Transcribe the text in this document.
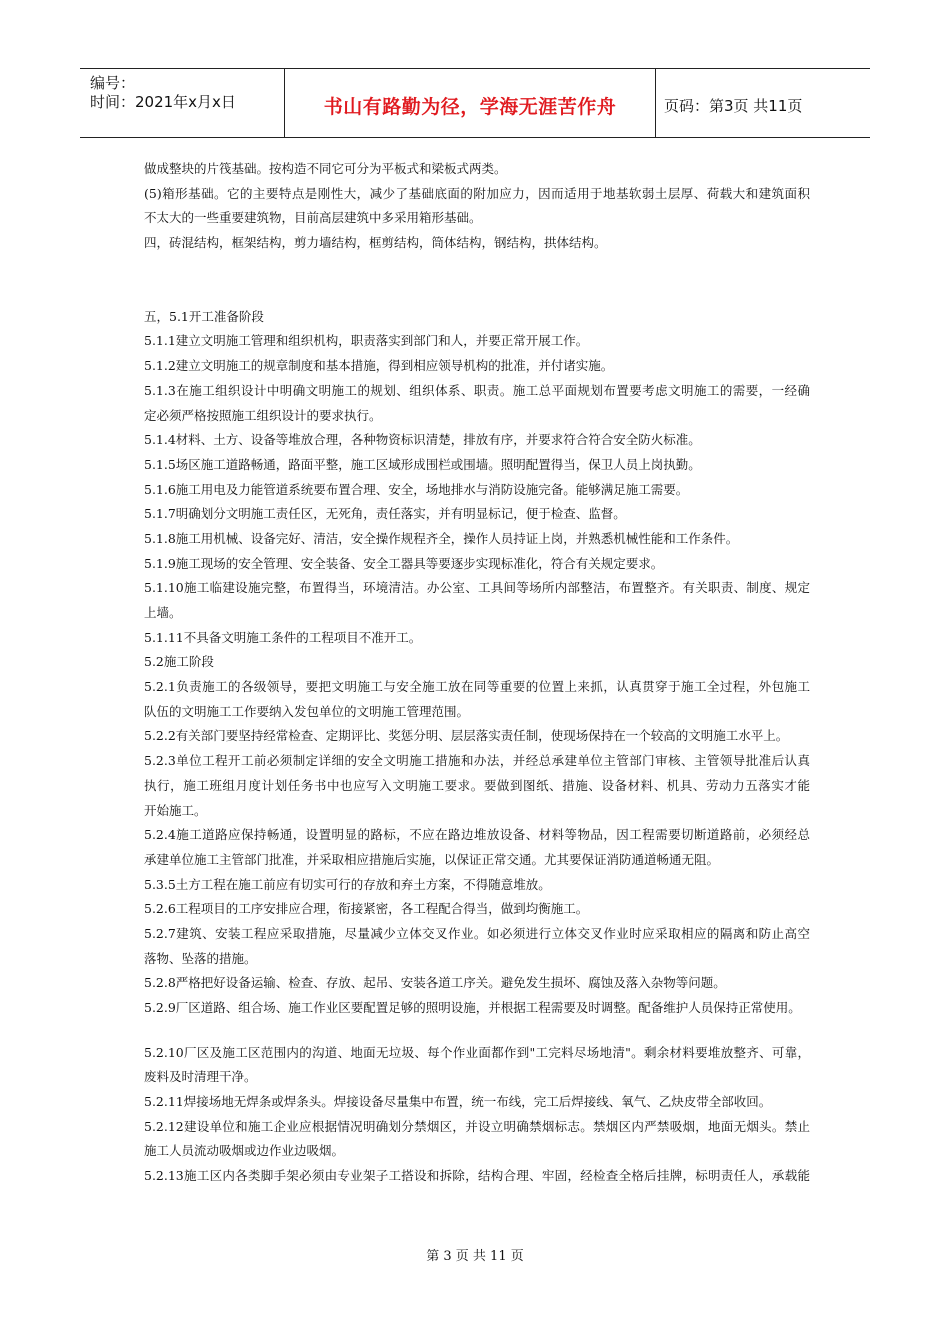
编号：
时间：2021年x月x日	书山有路勤为径，学海无涯苦作舟	页码：第3页 共11页
做成整块的片筏基础。按构造不同它可分为平板式和梁板式两类。
(5)箱形基础。它的主要特点是刚性大，减少了基础底面的附加应力，因而适用于地基软弱土层厚、荷载大和建筑面积
不太大的一些重要建筑物，目前高层建筑中多采用箱形基础。
四，砖混结构，框架结构，剪力墙结构，框剪结构，筒体结构，钢结构，拱体结构。
五，5.1开工准备阶段
5.1.1建立文明施工管理和组织机构，职责落实到部门和人，并要正常开展工作。
5.1.2建立文明施工的规章制度和基本措施，得到相应领导机构的批准，并付诸实施。
5.1.3在施工组织设计中明确文明施工的规划、组织体系、职责。施工总平面规划布置要考虑文明施工的需要，一经确
定必须严格按照施工组织设计的要求执行。
5.1.4材料、土方、设备等堆放合理，各种物资标识清楚，排放有序，并要求符合符合安全防火标准。
5.1.5场区施工道路畅通，路面平整，施工区域形成围栏或围墙。照明配置得当，保卫人员上岗执勤。
5.1.6施工用电及力能管道系统要布置合理、安全，场地排水与消防设施完备。能够满足施工需要。
5.1.7明确划分文明施工责任区，无死角，责任落实，并有明显标记，便于检查、监督。
5.1.8施工用机械、设备完好、清洁，安全操作规程齐全，操作人员持证上岗，并熟悉机械性能和工作条件。
5.1.9施工现场的安全管理、安全装备、安全工器具等要逐步实现标准化，符合有关规定要求。
5.1.10施工临建设施完整，布置得当，环境清洁。办公室、工具间等场所内部整洁，布置整齐。有关职责、制度、规定
上墙。
5.1.11不具备文明施工条件的工程项目不准开工。
5.2施工阶段
5.2.1负责施工的各级领导，要把文明施工与安全施工放在同等重要的位置上来抓，认真贯穿于施工全过程，外包施工
队伍的文明施工工作要纳入发包单位的文明施工管理范围。
5.2.2有关部门要坚持经常检查、定期评比、奖惩分明、层层落实责任制，使现场保持在一个较高的文明施工水平上。
5.2.3单位工程开工前必须制定详细的安全文明施工措施和办法，并经总承建单位主管部门审核、主管领导批准后认真
执行，施工班组月度计划任务书中也应写入文明施工要求。要做到图纸、措施、设备材料、机具、劳动力五落实才能
开始施工。
5.2.4施工道路应保持畅通，设置明显的路标，不应在路边堆放设备、材料等物品，因工程需要切断道路前，必须经总
承建单位施工主管部门批准，并采取相应措施后实施，以保证正常交通。尤其要保证消防通道畅通无阻。
5.3.5土方工程在施工前应有切实可行的存放和弃土方案，不得随意堆放。
5.2.6工程项目的工序安排应合理，衔接紧密，各工程配合得当，做到均衡施工。
5.2.7建筑、安装工程应采取措施，尽量减少立体交叉作业。如必须进行立体交叉作业时应采取相应的隔离和防止高空
落物、坠落的措施。
5.2.8严格把好设备运输、检查、存放、起吊、安装各道工序关。避免发生损坏、腐蚀及落入杂物等问题。
5.2.9厂区道路、组合场、施工作业区要配置足够的照明设施，并根据工程需要及时调整。配备维护人员保持正常使用。
5.2.10厂区及施工区范围内的沟道、地面无垃圾、每个作业面都作到"工完料尽场地清"。剩余材料要堆放整齐、可靠，
废料及时清理干净。
5.2.11焊接场地无焊条或焊条头。焊接设备尽量集中布置，统一布线，完工后焊接线、氧气、乙炔皮带全部收回。
5.2.12建设单位和施工企业应根据情况明确划分禁烟区，并设立明确禁烟标志。禁烟区内严禁吸烟，地面无烟头。禁止
施工人员流动吸烟或边作业边吸烟。
5.2.13施工区内各类脚手架必须由专业架子工搭设和拆除，结构合理、牢固，经检查全格后挂牌，标明责任人，承载能
第 3 页 共 11 页
